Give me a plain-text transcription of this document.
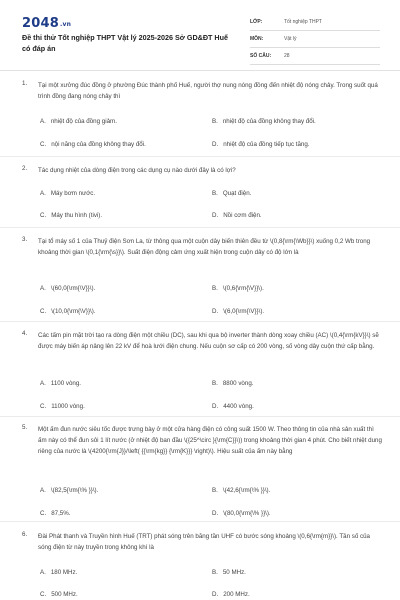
2048.vn
Đề thi thử Tốt nghiệp THPT Vật lý 2025-2026 Sở GD&ĐT Huế có đáp án
LỚP:	Tốt nghiệp THPT
MÔN:	Vật lý
SỐ CÂU:	28
1. Tại một xưởng đúc đồng ở phường Đúc thành phố Huế, người thợ nung nóng đồng đến nhiệt độ nóng chảy. Trong suốt quá trình đồng đang nóng chảy thì
A. nhiệt độ của đồng giảm.	B. nhiệt độ của đồng không thay đổi.
C. nội năng của đồng không thay đổi.	D. nhiệt độ của đồng tiếp tục tăng.
2. Tác dụng nhiệt của dòng điện trong các dụng cụ nào dưới đây là có lợi?
A. Máy bơm nước.	B. Quạt điện.
C. Máy thu hình (tivi).	D. Nồi cơm điện.
3. Tại tổ máy số 1 của Thuỷ điện Sơn La, từ thông qua một cuộn dây biến thiên đều từ \(0,8{\rm{\Wb}}\) xuống 0,2 Wb trong khoảng thời gian \(0,1{\rm{\s}}\). Suất điện động cảm ứng xuất hiện trong cuộn dây có độ lớn là
A. \(60,0{\rm{\V}}\).	B. \(0,6{\rm{\V}}\).
C. \(10,0{\rm{\V}}\).	D. \(6,0{\rm{\V}}\).
4. Các tấm pin mặt trời tạo ra dòng điện một chiều (DC), sau khi qua bộ inverter thành dòng xoay chiều (AC) \(0,4{\rm{kV}}\) sẽ được máy biến áp nâng lên 22 kV để hoà lưới điện chung. Nếu cuộn sơ cấp có 200 vòng, số vòng dây cuộn thứ cấp bằng.
A. 1100 vòng.	B. 8800 vòng.
C. 11000 vòng.	D. 4400 vòng.
5. Một ấm đun nước siêu tốc được trưng bày ở một cửa hàng điện có công suất 1500 W. Theo thông tin của nhà sản xuất thì ấm này có thể đun sôi 1 lít nước (ở nhiệt độ ban đầu \({25^\circ }{\rm{C}}\)) trong khoảng thời gian 4 phút. Cho biết nhiệt dung riêng của nước là \(4200{\rm{J}}/\left( {{\rm{kg}} {\rm{K}}} \right)\). Hiệu suất của ấm này bằng
A. \(82,5{\rm{\% }}\).	B. \(42,6{\rm{\% }}\).
C. 87,5%.	D. \(80,0{\rm{\% }}\).
6. Đài Phát thanh và Truyền hình Huế (TRT) phát sóng trên băng tần UHF có bước sóng khoảng \(0,6{\rm{m}}\). Tần số của sóng điện từ này truyền trong không khí là
A. 180 MHz.	B. 50 MHz.
C. 500 MHz.	D. 200 MHz.
